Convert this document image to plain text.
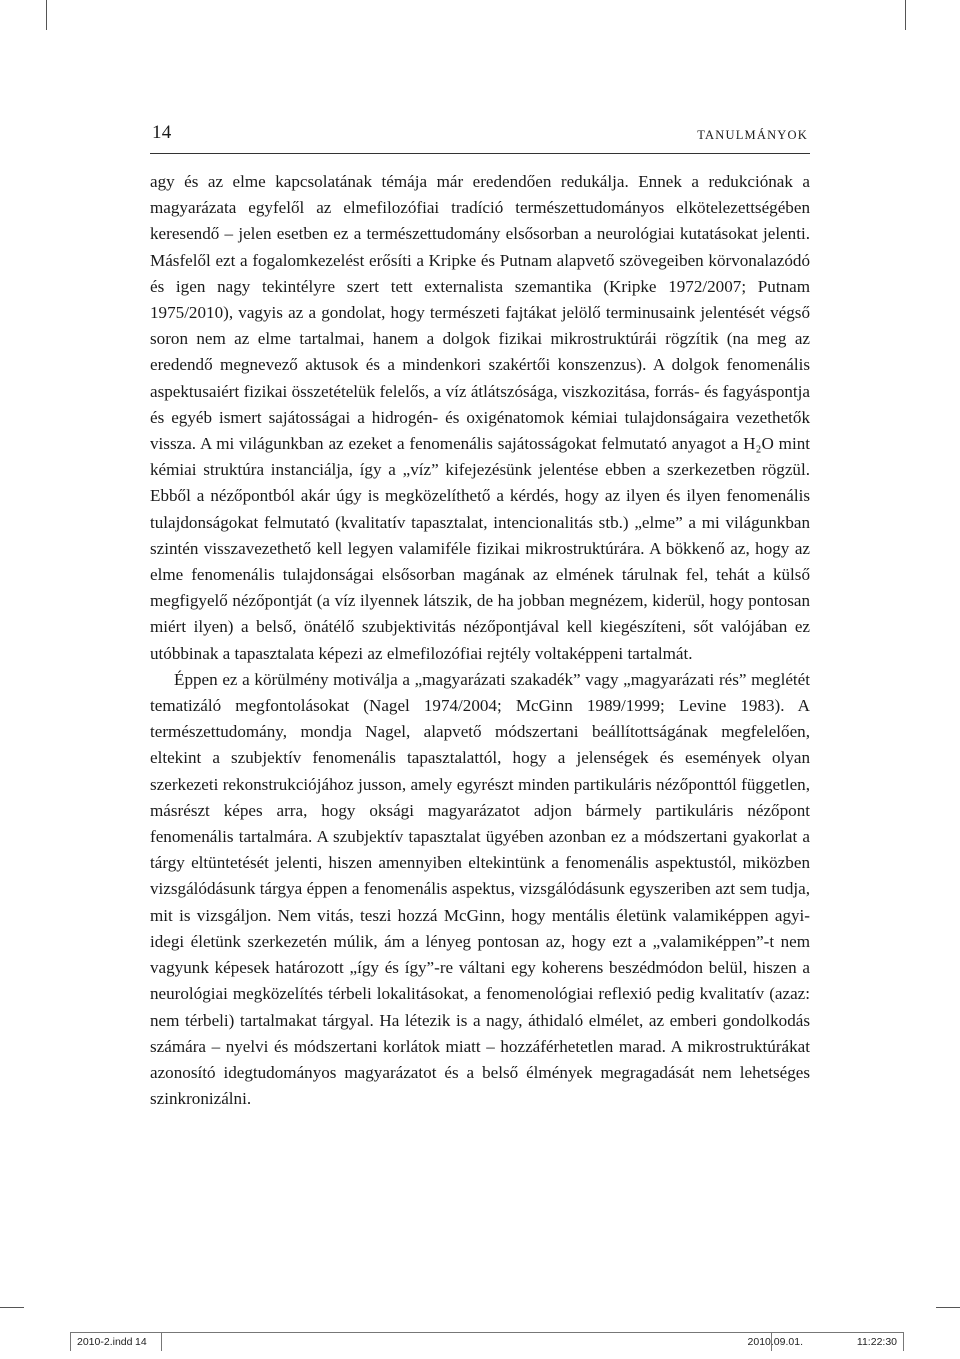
14	TANULMÁNYOK

agy és az elme kapcsolatának témája már eredendően redukálja. Ennek a redukciónak a magyarázata egyfelől az elmefilozófiai tradíció természettudományos elkötelezettségében keresendő – jelen esetben ez a természettudomány elsősorban a neurológiai kutatásokat jelenti. Másfelől ezt a fogalomkezelést erősíti a Kripke és Putnam alapvető szövegeiben körvonalazódó és igen nagy tekintélyre szert tett externalista szemantika (Kripke 1972/2007; Putnam 1975/2010), vagyis az a gondolat, hogy természeti fajtákat jelölő terminusaink jelentését végső soron nem az elme tartalmai, hanem a dolgok fizikai mikrostruktúrái rögzítik (na meg az eredendő megnevező aktusok és a mindenkori szakértői konszenzus). A dolgok fenomenális aspektusaiért fizikai összetételük felelős, a víz átlátszósága, viszkozitása, forrás- és fagyáspontja és egyéb ismert sajátosságai a hidrogén- és oxigénatomok kémiai tulajdonságaira vezethetők vissza. A mi világunkban az ezeket a fenomenális sajátosságokat felmutató anyagot a H₂O mint kémiai struktúra instanciálja, így a „víz” kifejezésünk jelentése ebben a szerkezetben rögzül. Ebből a nézőpontból akár úgy is megközelíthető a kérdés, hogy az ilyen és ilyen fenomenális tulajdonságokat felmutató (kvalitatív tapasztalat, intencionalitás stb.) „elme” a mi világunkban szintén visszavezethető kell legyen valamiféle fizikai mikrostruktúrára. A bökkenő az, hogy az elme fenomenális tulajdonságai elsősorban magának az elmének tárulnak fel, tehát a külső megfigyelő nézőpontját (a víz ilyennek látszik, de ha jobban megnézem, kiderül, hogy pontosan miért ilyen) a belső, önátélő szubjektivitás nézőpontjával kell kiegészíteni, sőt valójában ez utóbbinak a tapasztalata képezi az elmefilozófiai rejtély voltaképpeni tartalmát.

Éppen ez a körülmény motiválja a „magyarázati szakadék” vagy „magyarázati rés” meglétét tematizáló megfontolásokat (Nagel 1974/2004; McGinn 1989/1999; Levine 1983). A természettudomány, mondja Nagel, alapvető módszertani beállítottságának megfelelően, eltekint a szubjektív fenomenális tapasztalattól, hogy a jelenségek és események olyan szerkezeti rekonstrukciójához jusson, amely egyrészt minden partikuláris nézőponttól független, másrészt képes arra, hogy oksági magyarázatot adjon bármely partikuláris nézőpont fenomenális tartalmára. A szubjektív tapasztalat ügyében azonban ez a módszertani gyakorlat a tárgy eltüntetését jelenti, hiszen amennyiben eltekintünk a fenomenális aspektustól, miközben vizsgálódásunk tárgya éppen a fenomenális aspektus, vizsgálódásunk egyszeriben azt sem tudja, mit is vizsgáljon. Nem vitás, teszi hozzá McGinn, hogy mentális életünk valamiképpen agyi-idegi életünk szerkezetén múlik, ám a lényeg pontosan az, hogy ezt a „valamiképpen”-t nem vagyunk képesek határozott „így és így”-re váltani egy koherens beszédmódon belül, hiszen a neurológiai megközelítés térbeli lokalitásokat, a fenomenológiai reflexió pedig kvalitatív (azaz: nem térbeli) tartalmakat tárgyal. Ha létezik is a nagy, áthidaló elmélet, az emberi gondolkodás számára – nyelvi és módszertani korlátok miatt – hozzáférhetetlen marad. A mikrostruktúrákat azonosító idegtudományos magyarázatot és a belső élmények megragadását nem lehetséges szinkronizálni.

2010-2.indd 14	2010.09.01.	11:22:30
